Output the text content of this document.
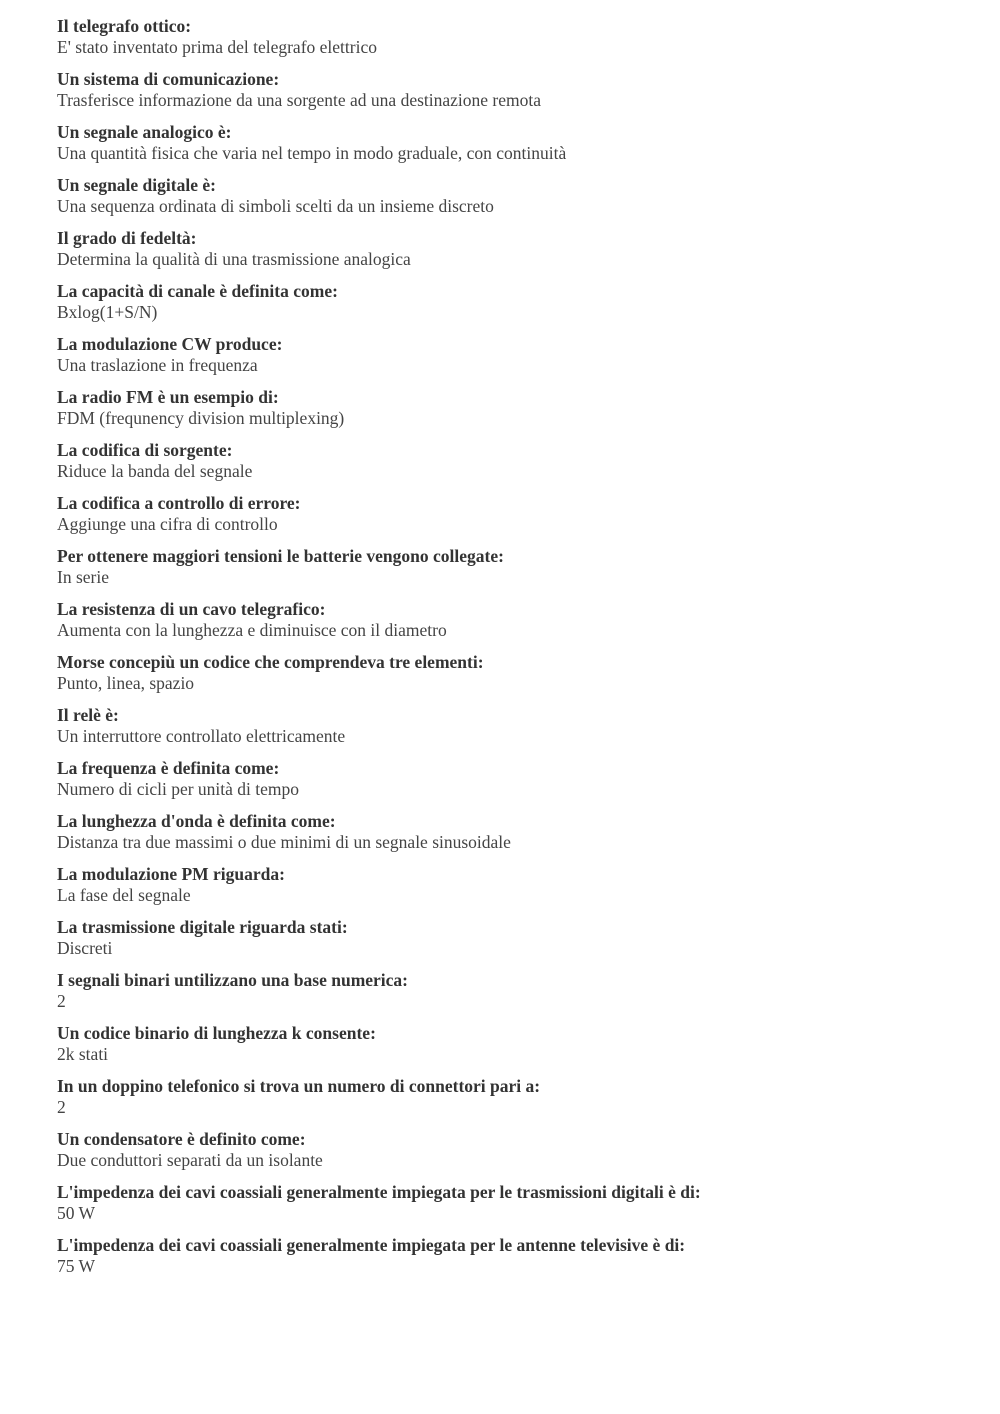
Il telegrafo ottico:
E' stato inventato prima del telegrafo elettrico
Un sistema di comunicazione:
Trasferisce informazione da una sorgente ad una destinazione remota
Un segnale analogico è:
Una quantità fisica che varia nel tempo in modo graduale, con continuità
Un segnale digitale è:
Una sequenza ordinata di simboli scelti da un insieme discreto
Il grado di fedeltà:
Determina la qualità di una trasmissione analogica
La capacità di canale è definita come:
Bxlog(1+S/N)
La modulazione CW produce:
Una traslazione in frequenza
La radio FM è un esempio di:
FDM (frequnency division multiplexing)
La codifica di sorgente:
Riduce la banda del segnale
La codifica a controllo di errore:
Aggiunge una cifra di controllo
Per ottenere maggiori tensioni le batterie vengono collegate:
In serie
La resistenza di un cavo telegrafico:
Aumenta con la lunghezza e diminuisce con il diametro
Morse concepiù un codice che comprendeva tre elementi:
Punto, linea, spazio
Il relè è:
Un interruttore controllato elettricamente
La frequenza è definita come:
Numero di cicli per unità di tempo
La lunghezza d'onda è definita come:
Distanza tra due massimi o due minimi di un segnale sinusoidale
La modulazione PM riguarda:
La fase del segnale
La trasmissione digitale riguarda stati:
Discreti
I segnali binari untilizzano una base numerica:
2
Un codice binario di lunghezza k consente:
2k stati
In un doppino telefonico si trova un numero di connettori pari a:
2
Un condensatore è definito come:
Due conduttori separati da un isolante
L'impedenza dei cavi coassiali generalmente impiegata per le trasmissioni digitali è di:
50 W
L'impedenza dei cavi coassiali generalmente impiegata per le antenne televisive è di:
75 W
